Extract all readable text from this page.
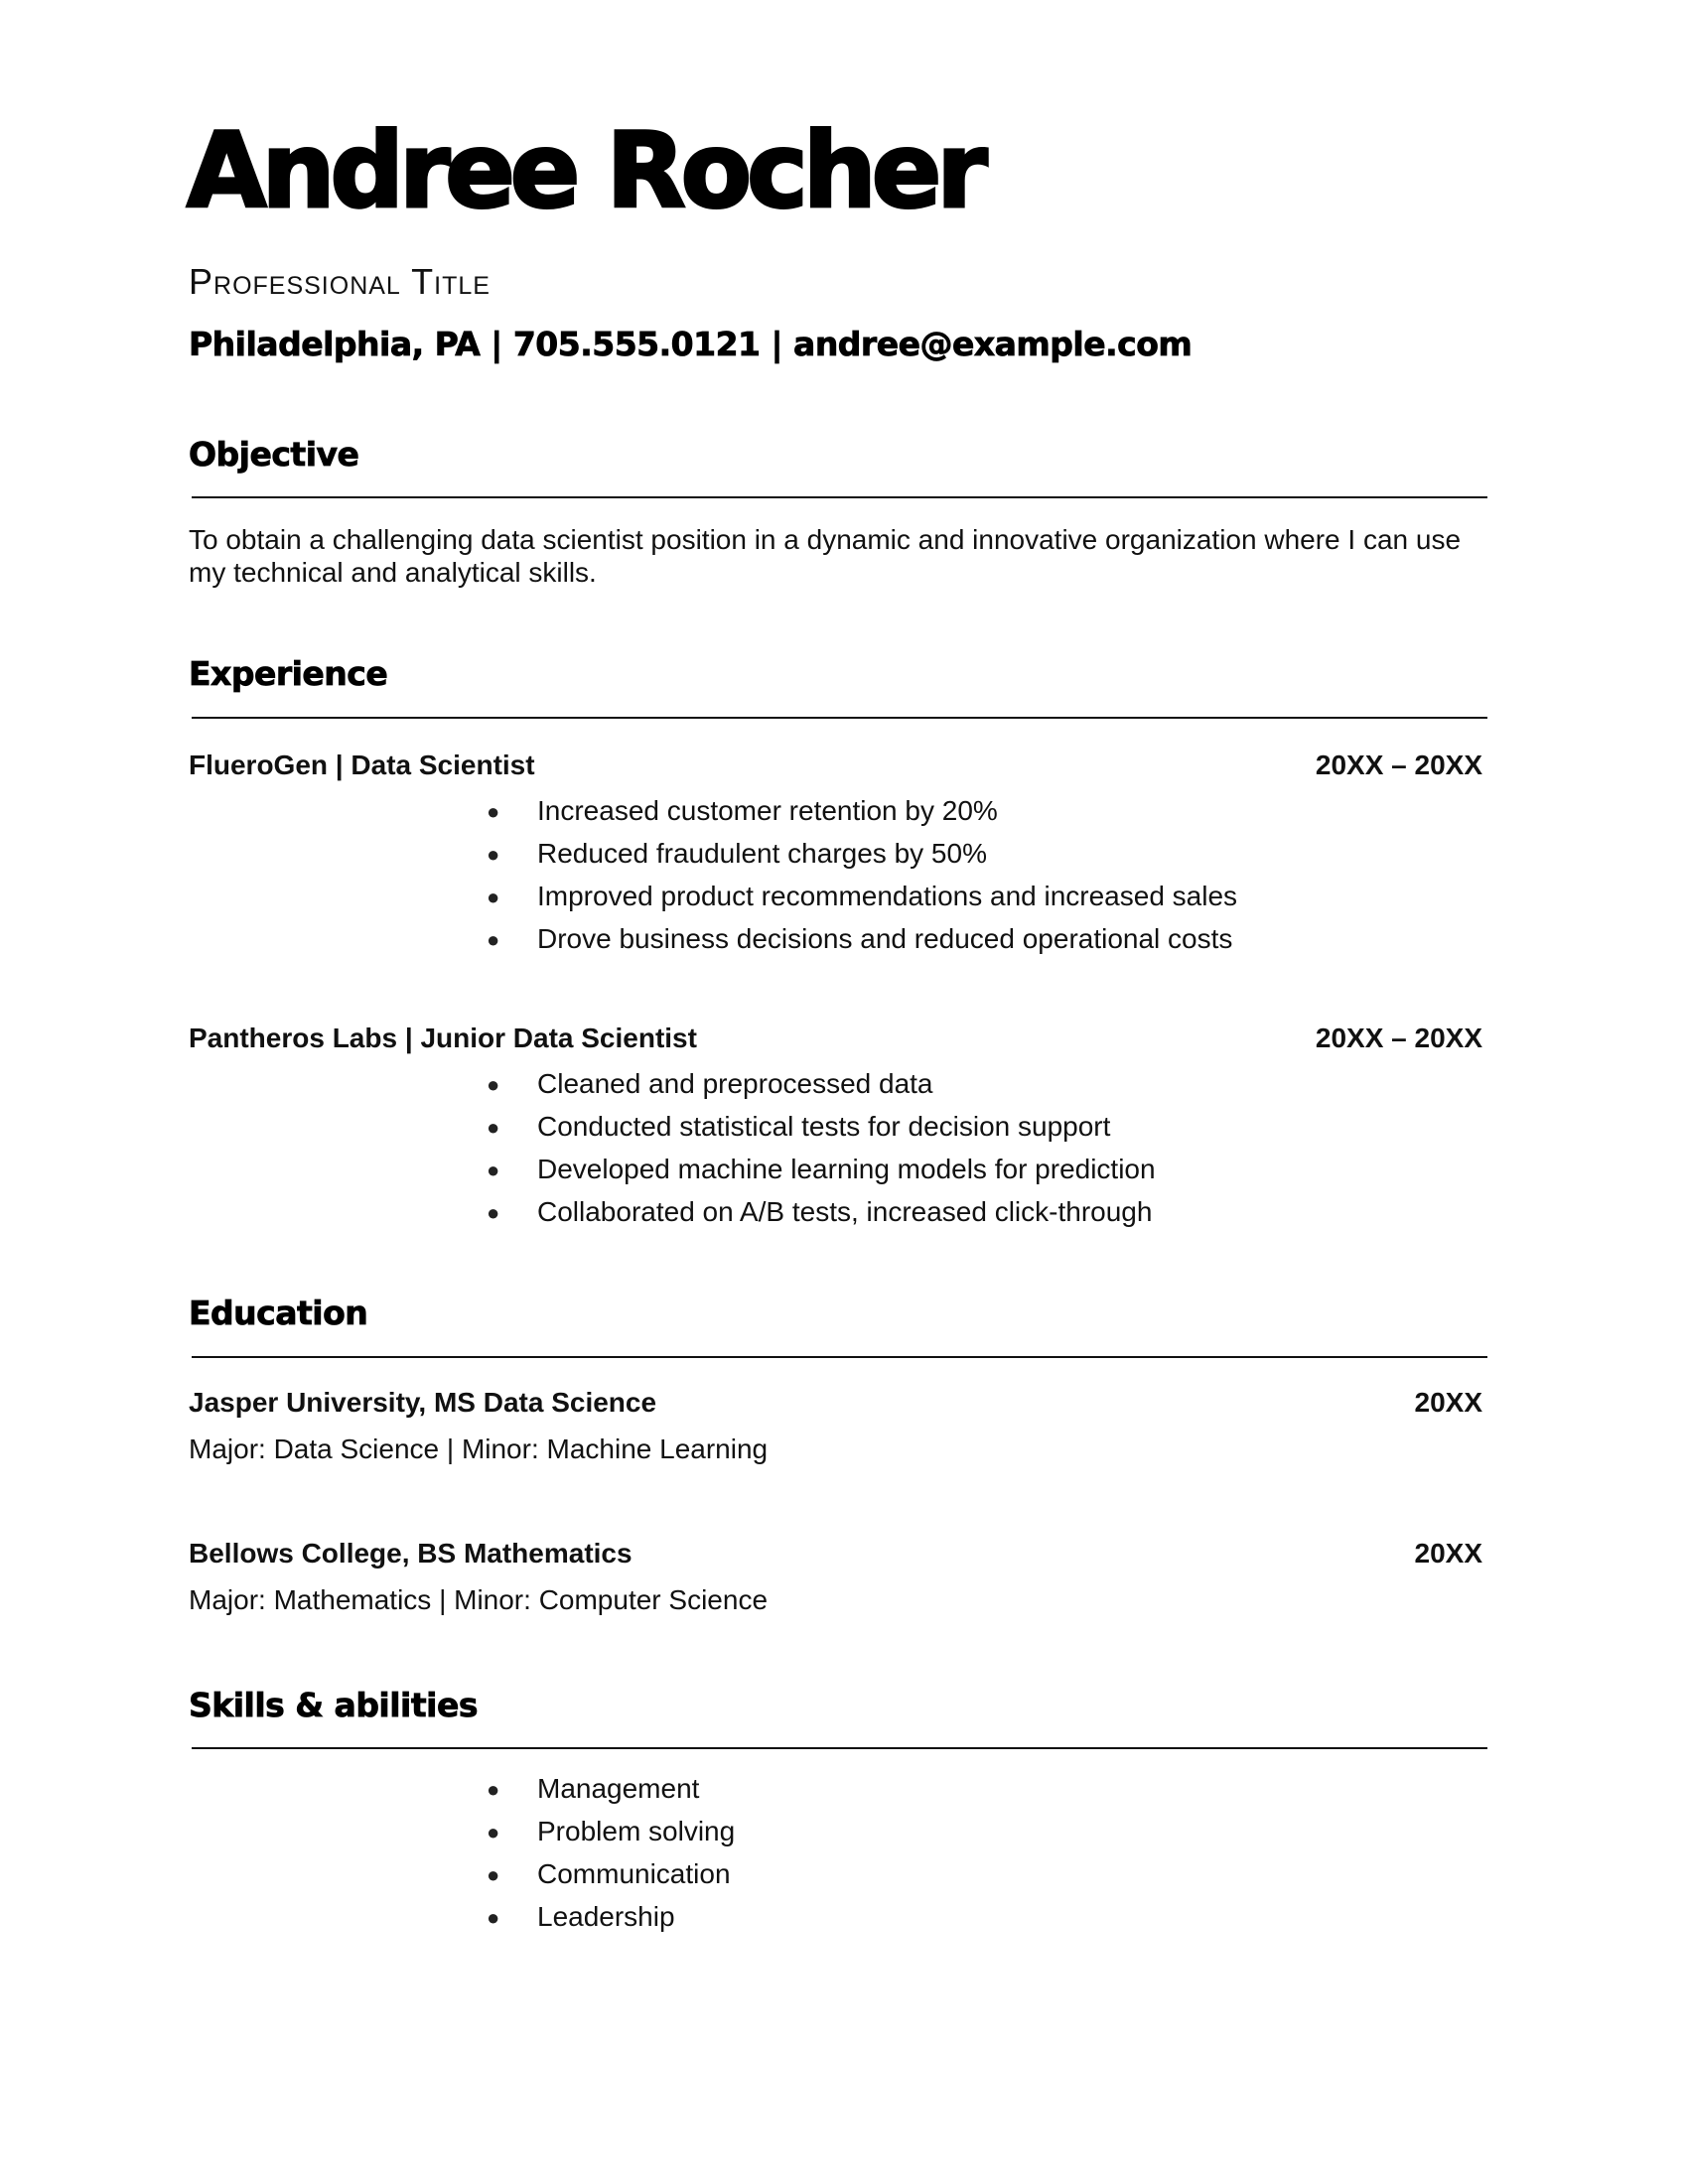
Andree Rocher
Professional Title
Philadelphia, PA | 705.555.0121 | andree@example.com
Objective
To obtain a challenging data scientist position in a dynamic and innovative organization where I can use my technical and analytical skills.
Experience
FlueroGen | Data Scientist	20XX – 20XX
● Increased customer retention by 20%
● Reduced fraudulent charges by 50%
● Improved product recommendations and increased sales
● Drove business decisions and reduced operational costs
Pantheros Labs | Junior Data Scientist	20XX – 20XX
● Cleaned and preprocessed data
● Conducted statistical tests for decision support
● Developed machine learning models for prediction
● Collaborated on A/B tests, increased click-through
Education
Jasper University, MS Data Science	20XX
Major: Data Science | Minor: Machine Learning
Bellows College, BS Mathematics	20XX
Major: Mathematics | Minor: Computer Science
Skills & abilities
● Management
● Problem solving
● Communication
● Leadership
